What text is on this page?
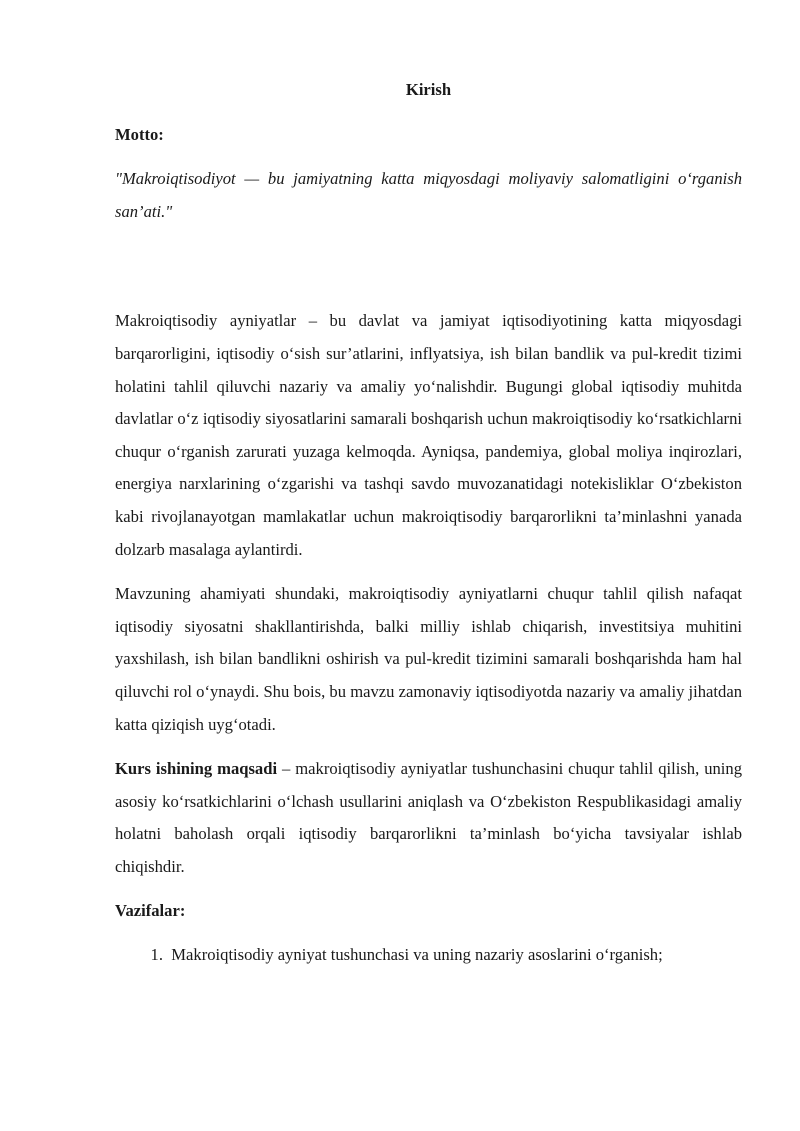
Kirish
Motto:
"Makroiqtisodiyot — bu jamiyatning katta miqyosdagi moliyaviy salomatligini o‘rganish san’ati."

Makroiqtisodiy ayniyatlar – bu davlat va jamiyat iqtisodiyotining katta miqyosdagi barqarorligini, iqtisodiy o‘sish sur’atlarini, inflyatsiya, ish bilan bandlik va pul-kredit tizimi holatini tahlil qiluvchi nazariy va amaliy yo‘nalishdir. Bugungi global iqtisodiy muhitda davlatlar o‘z iqtisodiy siyosatlarini samarali boshqarish uchun makroiqtisodiy ko‘rsatkichlarni chuqur o‘rganish zarurati yuzaga kelmoqda. Ayniqsa, pandemiya, global moliya inqirozlari, energiya narxlarining o‘zgarishi va tashqi savdo muvozanatidagi notekisliklar O‘zbekiston kabi rivojlanayotgan mamlakatlar uchun makroiqtisodiy barqarorlikni ta’minlashni yanada dolzarb masalaga aylantirdi.

Mavzuning ahamiyati shundaki, makroiqtisodiy ayniyatlarni chuqur tahlil qilish nafaqat iqtisodiy siyosatni shakllantirishda, balki milliy ishlab chiqarish, investitsiya muhitini yaxshilash, ish bilan bandlikni oshirish va pul-kredit tizimini samarali boshqarishda ham hal qiluvchi rol o‘ynaydi. Shu bois, bu mavzu zamonaviy iqtisodiyotda nazariy va amaliy jihatdan katta qiziqish uyg‘otadi.

Kurs ishining maqsadi – makroiqtisodiy ayniyatlar tushunchasini chuqur tahlil qilish, uning asosiy ko‘rsatkichlarini o‘lchash usullarini aniqlash va O‘zbekiston Respublikasidagi amaliy holatni baholash orqali iqtisodiy barqarorlikni ta’minlash bo‘yicha tavsiyalar ishlab chiqishdir.

Vazifalar:
1. Makroiqtisodiy ayniyat tushunchasi va uning nazariy asoslarini o‘rganish;
